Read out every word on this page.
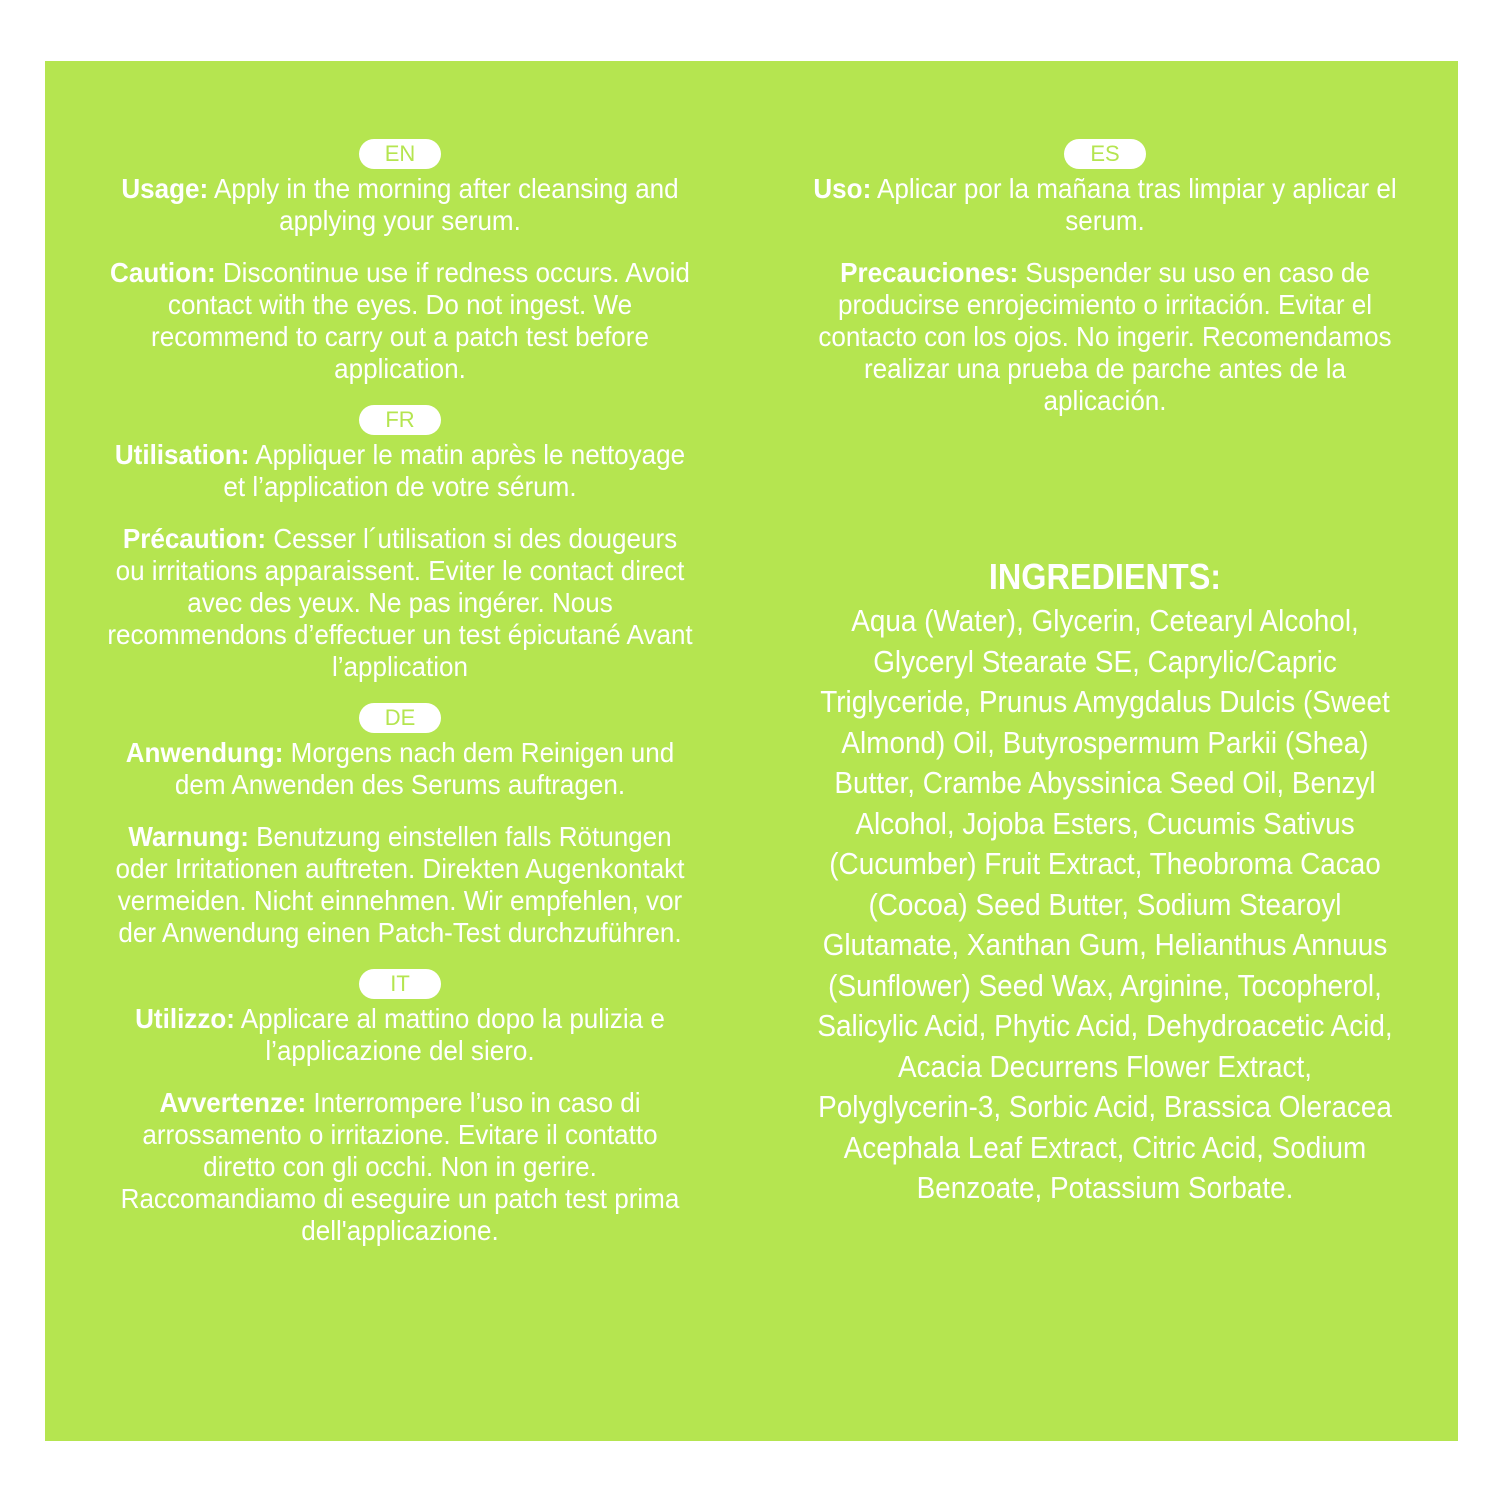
EN

Usage: Apply in the morning after cleansing and applying your serum.

Caution: Discontinue use if redness occurs. Avoid contact with the eyes. Do not ingest. We recommend to carry out a patch test before application.

FR

Utilisation: Appliquer le matin après le nettoyage et l’application de votre sérum.

Précaution: Cesser l´utilisation si des dougeurs ou irritations apparaissent. Eviter le contact direct avec des yeux. Ne pas ingérer. Nous recommendons d’effectuer un test épicutané Avant l’application

DE

Anwendung: Morgens nach dem Reinigen und dem Anwenden des Serums auftragen.

Warnung: Benutzung einstellen falls Rötungen oder Irritationen auftreten. Direkten Augenkontakt vermeiden. Nicht einnehmen. Wir empfehlen, vor der Anwendung einen Patch-Test durchzuführen.

IT

Utilizzo: Applicare al mattino dopo la pulizia e l’applicazione del siero.

Avvertenze: Interrompere l’uso in caso di arrossamento o irritazione. Evitare il contatto diretto con gli occhi. Non in gerire. Raccomandiamo di eseguire un patch test prima dell'applicazione.

ES

Uso: Aplicar por la mañana tras limpiar y aplicar el serum.

Precauciones: Suspender su uso en caso de producirse enrojecimiento o irritación. Evitar el contacto con los ojos. No ingerir. Recomendamos realizar una prueba de parche antes de la aplicación.

INGREDIENTS:

Aqua (Water), Glycerin, Cetearyl Alcohol, Glyceryl Stearate SE, Caprylic/Capric Triglyceride, Prunus Amygdalus Dulcis (Sweet Almond) Oil, Butyrospermum Parkii (Shea) Butter, Crambe Abyssinica Seed Oil, Benzyl Alcohol, Jojoba Esters, Cucumis Sativus (Cucumber) Fruit Extract, Theobroma Cacao (Cocoa) Seed Butter, Sodium Stearoyl Glutamate, Xanthan Gum, Helianthus Annuus (Sunflower) Seed Wax, Arginine, Tocopherol, Salicylic Acid, Phytic Acid, Dehydroacetic Acid, Acacia Decurrens Flower Extract, Polyglycerin-3, Sorbic Acid, Brassica Oleracea Acephala Leaf Extract, Citric Acid, Sodium Benzoate, Potassium Sorbate.
